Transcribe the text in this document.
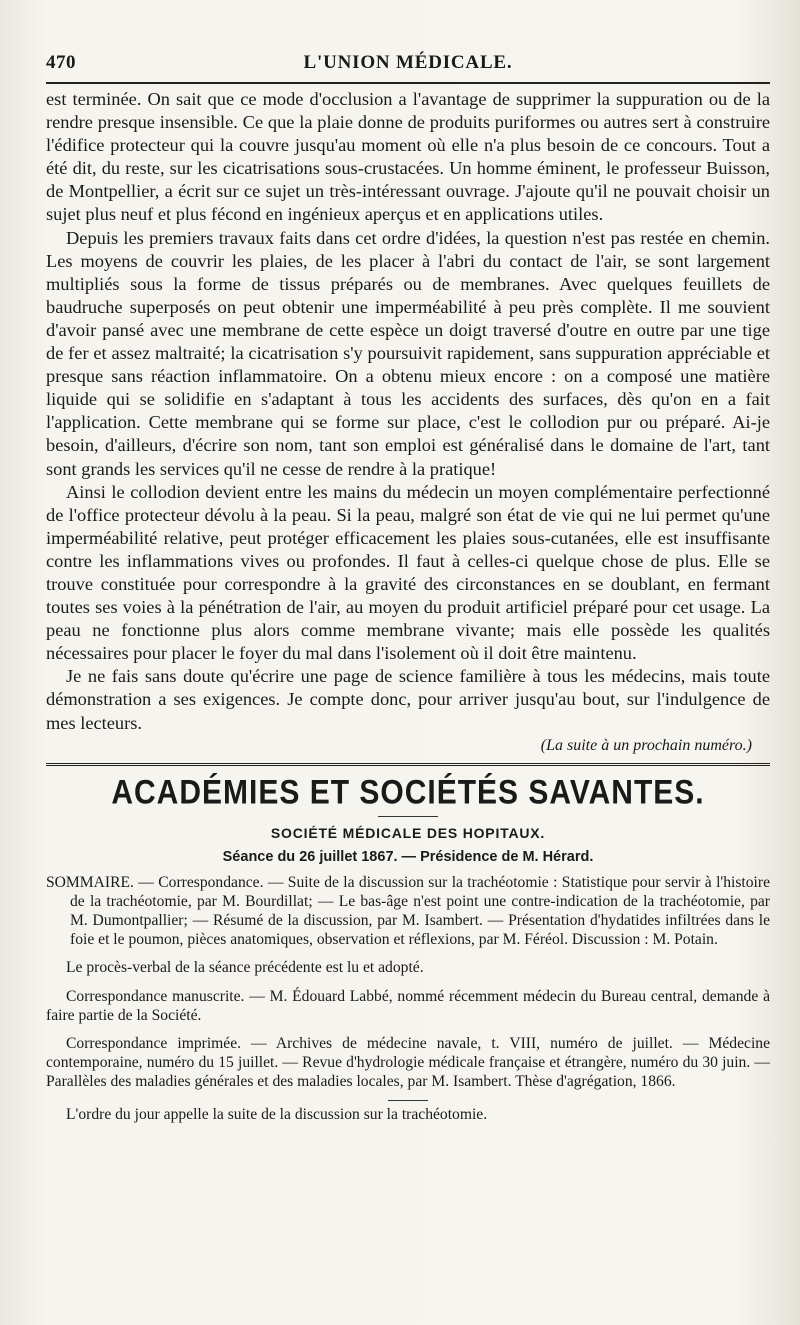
470	L'UNION MÉDICALE.

est terminée. On sait que ce mode d'occlusion a l'avantage de supprimer la suppuration ou de la rendre presque insensible. Ce que la plaie donne de produits puriformes ou autres sert à construire l'édifice protecteur qui la couvre jusqu'au moment où elle n'a plus besoin de ce concours. Tout a été dit, du reste, sur les cicatrisations sous-crustacées. Un homme éminent, le professeur Buisson, de Montpellier, a écrit sur ce sujet un très-intéressant ouvrage. J'ajoute qu'il ne pouvait choisir un sujet plus neuf et plus fécond en ingénieux aperçus et en applications utiles.

Depuis les premiers travaux faits dans cet ordre d'idées, la question n'est pas restée en chemin. Les moyens de couvrir les plaies, de les placer à l'abri du contact de l'air, se sont largement multipliés sous la forme de tissus préparés ou de membranes. Avec quelques feuillets de baudruche superposés on peut obtenir une imperméabilité à peu près complète. Il me souvient d'avoir pansé avec une membrane de cette espèce un doigt traversé d'outre en outre par une tige de fer et assez maltraité; la cicatrisation s'y poursuivit rapidement, sans suppuration appréciable et presque sans réaction inflammatoire. On a obtenu mieux encore : on a composé une matière liquide qui se solidifie en s'adaptant à tous les accidents des surfaces, dès qu'on en a fait l'application. Cette membrane qui se forme sur place, c'est le collodion pur ou préparé. Ai-je besoin, d'ailleurs, d'écrire son nom, tant son emploi est généralisé dans le domaine de l'art, tant sont grands les services qu'il ne cesse de rendre à la pratique!

Ainsi le collodion devient entre les mains du médecin un moyen complémentaire perfectionné de l'office protecteur dévolu à la peau. Si la peau, malgré son état de vie qui ne lui permet qu'une imperméabilité relative, peut protéger efficacement les plaies sous-cutanées, elle est insuffisante contre les inflammations vives ou profondes. Il faut à celles-ci quelque chose de plus. Elle se trouve constituée pour correspondre à la gravité des circonstances en se doublant, en fermant toutes ses voies à la pénétration de l'air, au moyen du produit artificiel préparé pour cet usage. La peau ne fonctionne plus alors comme membrane vivante; mais elle possède les qualités nécessaires pour placer le foyer du mal dans l'isolement où il doit être maintenu.

Je ne fais sans doute qu'écrire une page de science familière à tous les médecins, mais toute démonstration a ses exigences. Je compte donc, pour arriver jusqu'au bout, sur l'indulgence de mes lecteurs.

(La suite à un prochain numéro.)
ACADÉMIES ET SOCIÉTÉS SAVANTES.
SOCIÉTÉ MÉDICALE DES HOPITAUX.
Séance du 26 juillet 1867. — Présidence de M. Hérard.

SOMMAIRE. — Correspondance. — Suite de la discussion sur la trachéotomie : Statistique pour servir à l'histoire de la trachéotomie, par M. Bourdillat; — Le bas-âge n'est point une contre-indication de la trachéotomie, par M. Dumontpallier; — Résumé de la discussion, par M. Isambert. — Présentation d'hydatides infiltrées dans le foie et le poumon, pièces anatomiques, observation et réflexions, par M. Féréol. Discussion : M. Potain.

Le procès-verbal de la séance précédente est lu et adopté.

Correspondance manuscrite. — M. Édouard Labbé, nommé récemment médecin du Bureau central, demande à faire partie de la Société.

Correspondance imprimée. — Archives de médecine navale, t. VIII, numéro de juillet. — Médecine contemporaine, numéro du 15 juillet. — Revue d'hydrologie médicale française et étrangère, numéro du 30 juin. — Parallèles des maladies générales et des maladies locales, par M. Isambert. Thèse d'agrégation, 1866.

L'ordre du jour appelle la suite de la discussion sur la trachéotomie.
